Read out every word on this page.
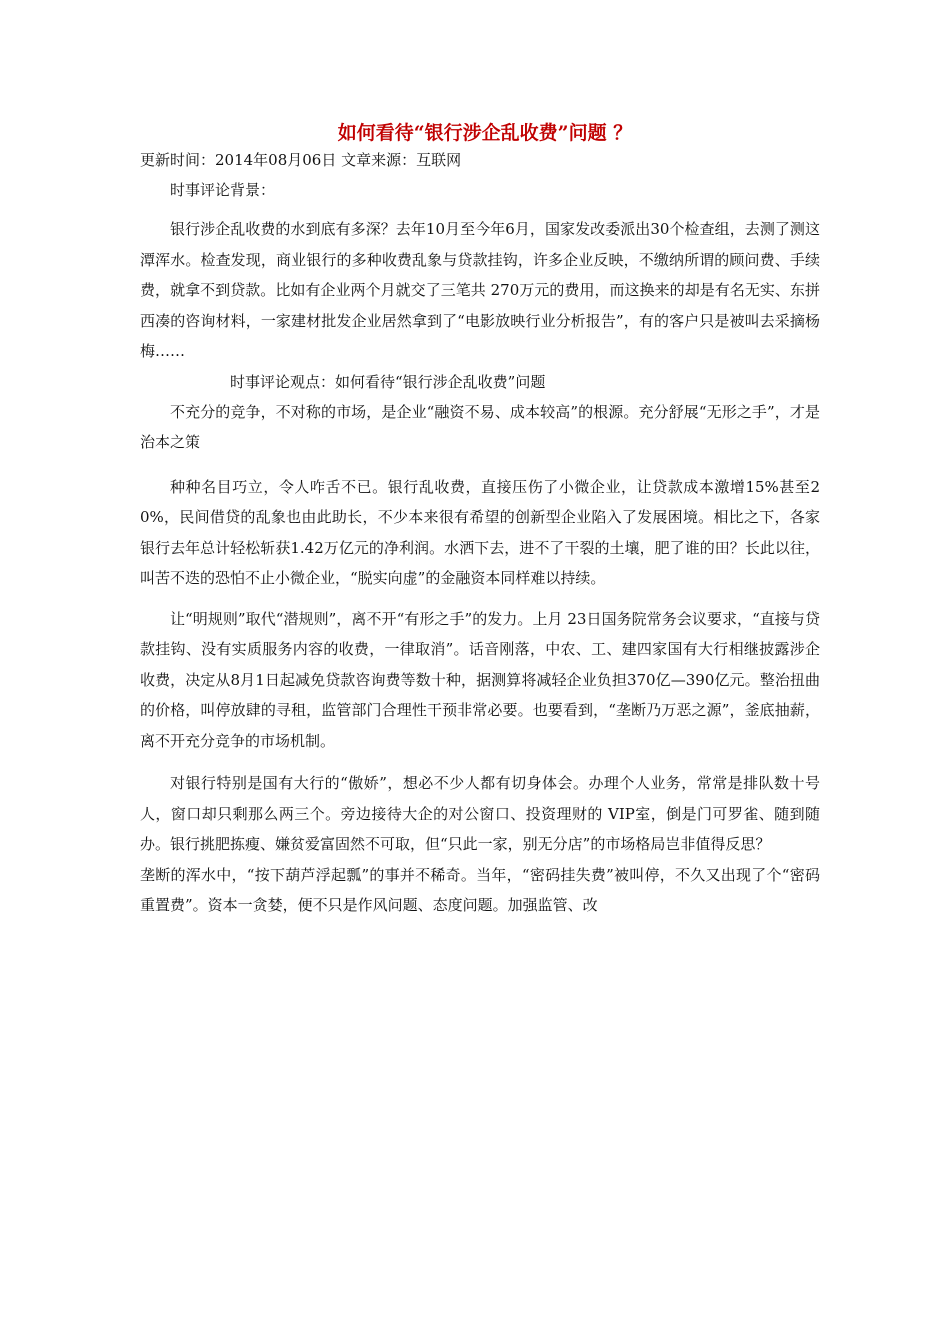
如何看待“银行涉企乱收费”问题 ？

更新时间：2014年08月06日 文章来源：互联网

时事评论背景：

银行涉企乱收费的水到底有多深？去年10月至今年6月，国家发改委派出30个检查组，去测了测这潭浑水。检查发现，商业银行的多种收费乱象与贷款挂钩，许多企业反映，不缴纳所谓的顾问费、手续费，就拿不到贷款。比如有企业两个月就交了三笔共 270万元的费用，而这换来的却是有名无实、东拼西凑的咨询材料，一家建材批发企业居然拿到了“电影放映行业分析报告”，有的客户只是被叫去采摘杨梅……

时事评论观点：如何看待“银行涉企乱收费”问题

不充分的竞争，不对称的市场，是企业“融资不易、成本较高”的根源。充分舒展“无形之手”，才是治本之策

种种名目巧立，令人咋舌不已。银行乱收费，直接压伤了小微企业，让贷款成本激增15%甚至20%，民间借贷的乱象也由此助长，不少本来很有希望的创新型企业陷入了发展困境。相比之下，各家银行去年总计轻松斩获1.42万亿元的净利润。水洒下去，进不了干裂的土壤，肥了谁的田？长此以往，叫苦不迭的恐怕不止小微企业，“脱实向虚”的金融资本同样难以持续。

让“明规则”取代“潜规则”，离不开“有形之手”的发力。上月 23日国务院常务会议要求，“直接与贷款挂钩、没有实质服务内容的收费，一律取消”。话音刚落，中农、工、建四家国有大行相继披露涉企收费，决定从8月1日起减免贷款咨询费等数十种，据测算将减轻企业负担370亿—390亿元。整治扭曲的价格，叫停放肆的寻租，监管部门合理性干预非常必要。也要看到，“垄断乃万恶之源”，釜底抽薪，离不开充分竞争的市场机制。

对银行特别是国有大行的“傲娇”，想必不少人都有切身体会。办理个人业务，常常是排队数十号人，窗口却只剩那么两三个。旁边接待大企的对公窗口、投资理财的 VIP室，倒是门可罗雀、随到随办。银行挑肥拣瘦、嫌贫爱富固然不可取，但“只此一家，别无分店”的市场格局岂非值得反思？

垄断的浑水中，“按下葫芦浮起瓢”的事并不稀奇。当年，“密码挂失费”被叫停，不久又出现了个“密码重置费”。资本一贪婪，便不只是作风问题、态度问题。加强监管、改
